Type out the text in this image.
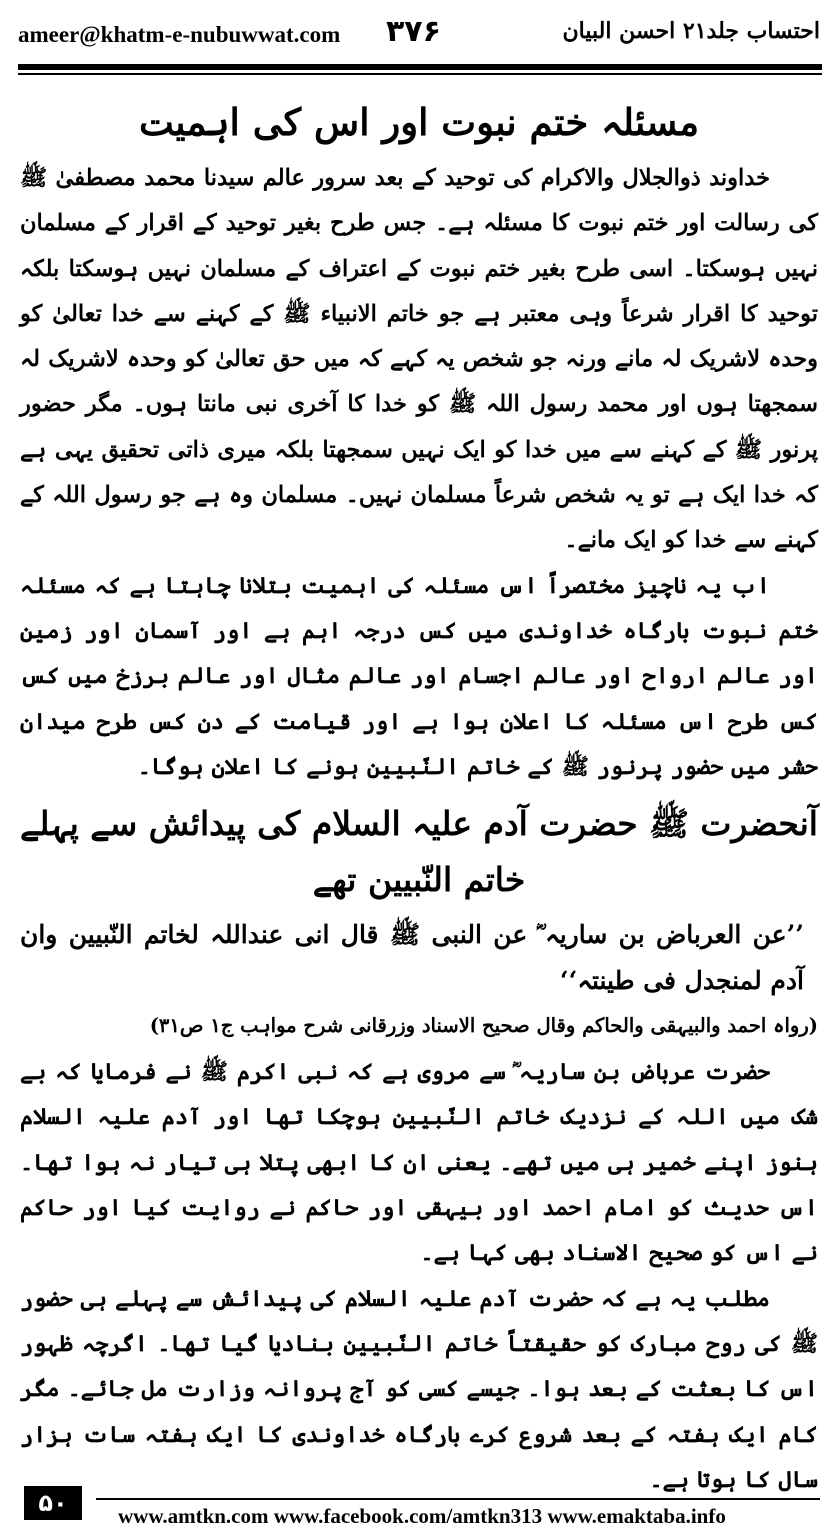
ameer@khatm-e-nubuwwat.com ۳۷۶	احتساب جلد۲۱ احسن البیان
مسئلہ ختم نبوت اور اس کی اہمیت

خداوند ذوالجلال والاکرام کی توحید کے بعد سرور عالم سیدنا محمد مصطفیٰ ﷺ کی رسالت اور ختم نبوت کا مسئلہ ہے۔ جس طرح بغیر توحید کے اقرار کے مسلمان نہیں ہوسکتا۔ اسی طرح بغیر ختم نبوت کے اعتراف کے مسلمان نہیں ہوسکتا بلکہ توحید کا اقرار شرعاً وہی معتبر ہے جو خاتم الانبیاء ﷺ کے کہنے سے خدا تعالیٰ کو وحدہ لاشریک لہ مانے ورنہ جو شخص یہ کہے کہ میں حق تعالیٰ کو وحدہ لاشریک لہ سمجھتا ہوں اور محمد رسول اللہ ﷺ کو خدا کا آخری نبی مانتا ہوں۔ مگر حضور پرنور ﷺ کے کہنے سے میں خدا کو ایک نہیں سمجھتا بلکہ میری ذاتی تحقیق یہی ہے کہ خدا ایک ہے تو یہ شخص شرعاً مسلمان نہیں۔ مسلمان وہ ہے جو رسول اللہ کے کہنے سے خدا کو ایک مانے۔

اب یہ ناچیز مختصراً اس مسئلہ کی اہمیت بتلانا چاہتا ہے کہ مسئلہ ختم نبوت بارگاہ خداوندی میں کس درجہ اہم ہے اور آسمان اور زمین اور عالم ارواح اور عالم اجسام اور عالم مثال اور عالم برزخ میں کس کس طرح اس مسئلہ کا اعلان ہوا ہے اور قیامت کے دن کس طرح میدان حشر میں حضور پرنور ﷺ کے خاتم النّبیین ہونے کا اعلان ہوگا۔

آنحضرت ﷺ حضرت آدم علیہ السلام کی پیدائش سے پہلے خاتم النّبیین تھے

’’عن العرباض بن ساریہ ؓ عن النبی ﷺ قال انی عنداللہ لخاتم النّبیین وان آدم لمنجدل فی طینتہ‘‘

(رواہ احمد والبیہقی والحاکم وقال صحیح الاسناد وزرقانی شرح مواہب ج۱ ص۳۱)

حضرت عرباض بن ساریہ ؓ سے مروی ہے کہ نبی اکرم ﷺ نے فرمایا کہ بے شک میں اللہ کے نزدیک خاتم النّبیین ہوچکا تھا اور آدم علیہ السلام ہنوز اپنے خمیر ہی میں تھے۔ یعنی ان کا ابھی پتلا ہی تیار نہ ہوا تھا۔ اس حدیث کو امام احمد اور بیہقی اور حاکم نے روایت کیا اور حاکم نے اس کو صحیح الاسناد بھی کہا ہے۔

مطلب یہ ہے کہ حضرت آدم علیہ السلام کی پیدائش سے پہلے ہی حضور ﷺ کی روح مبارک کو حقیقتاً خاتم النّبیین بنادیا گیا تھا۔ اگرچہ ظہور اس کا بعثت کے بعد ہوا۔ جیسے کسی کو آج پروانہ وزارت مل جائے۔ مگر کام ایک ہفتہ کے بعد شروع کرے بارگاہ خداوندی کا ایک ہفتہ سات ہزار سال کا ہوتا ہے۔

۵۰	www.amtkn.com www.facebook.com/amtkn313 www.emaktaba.info
